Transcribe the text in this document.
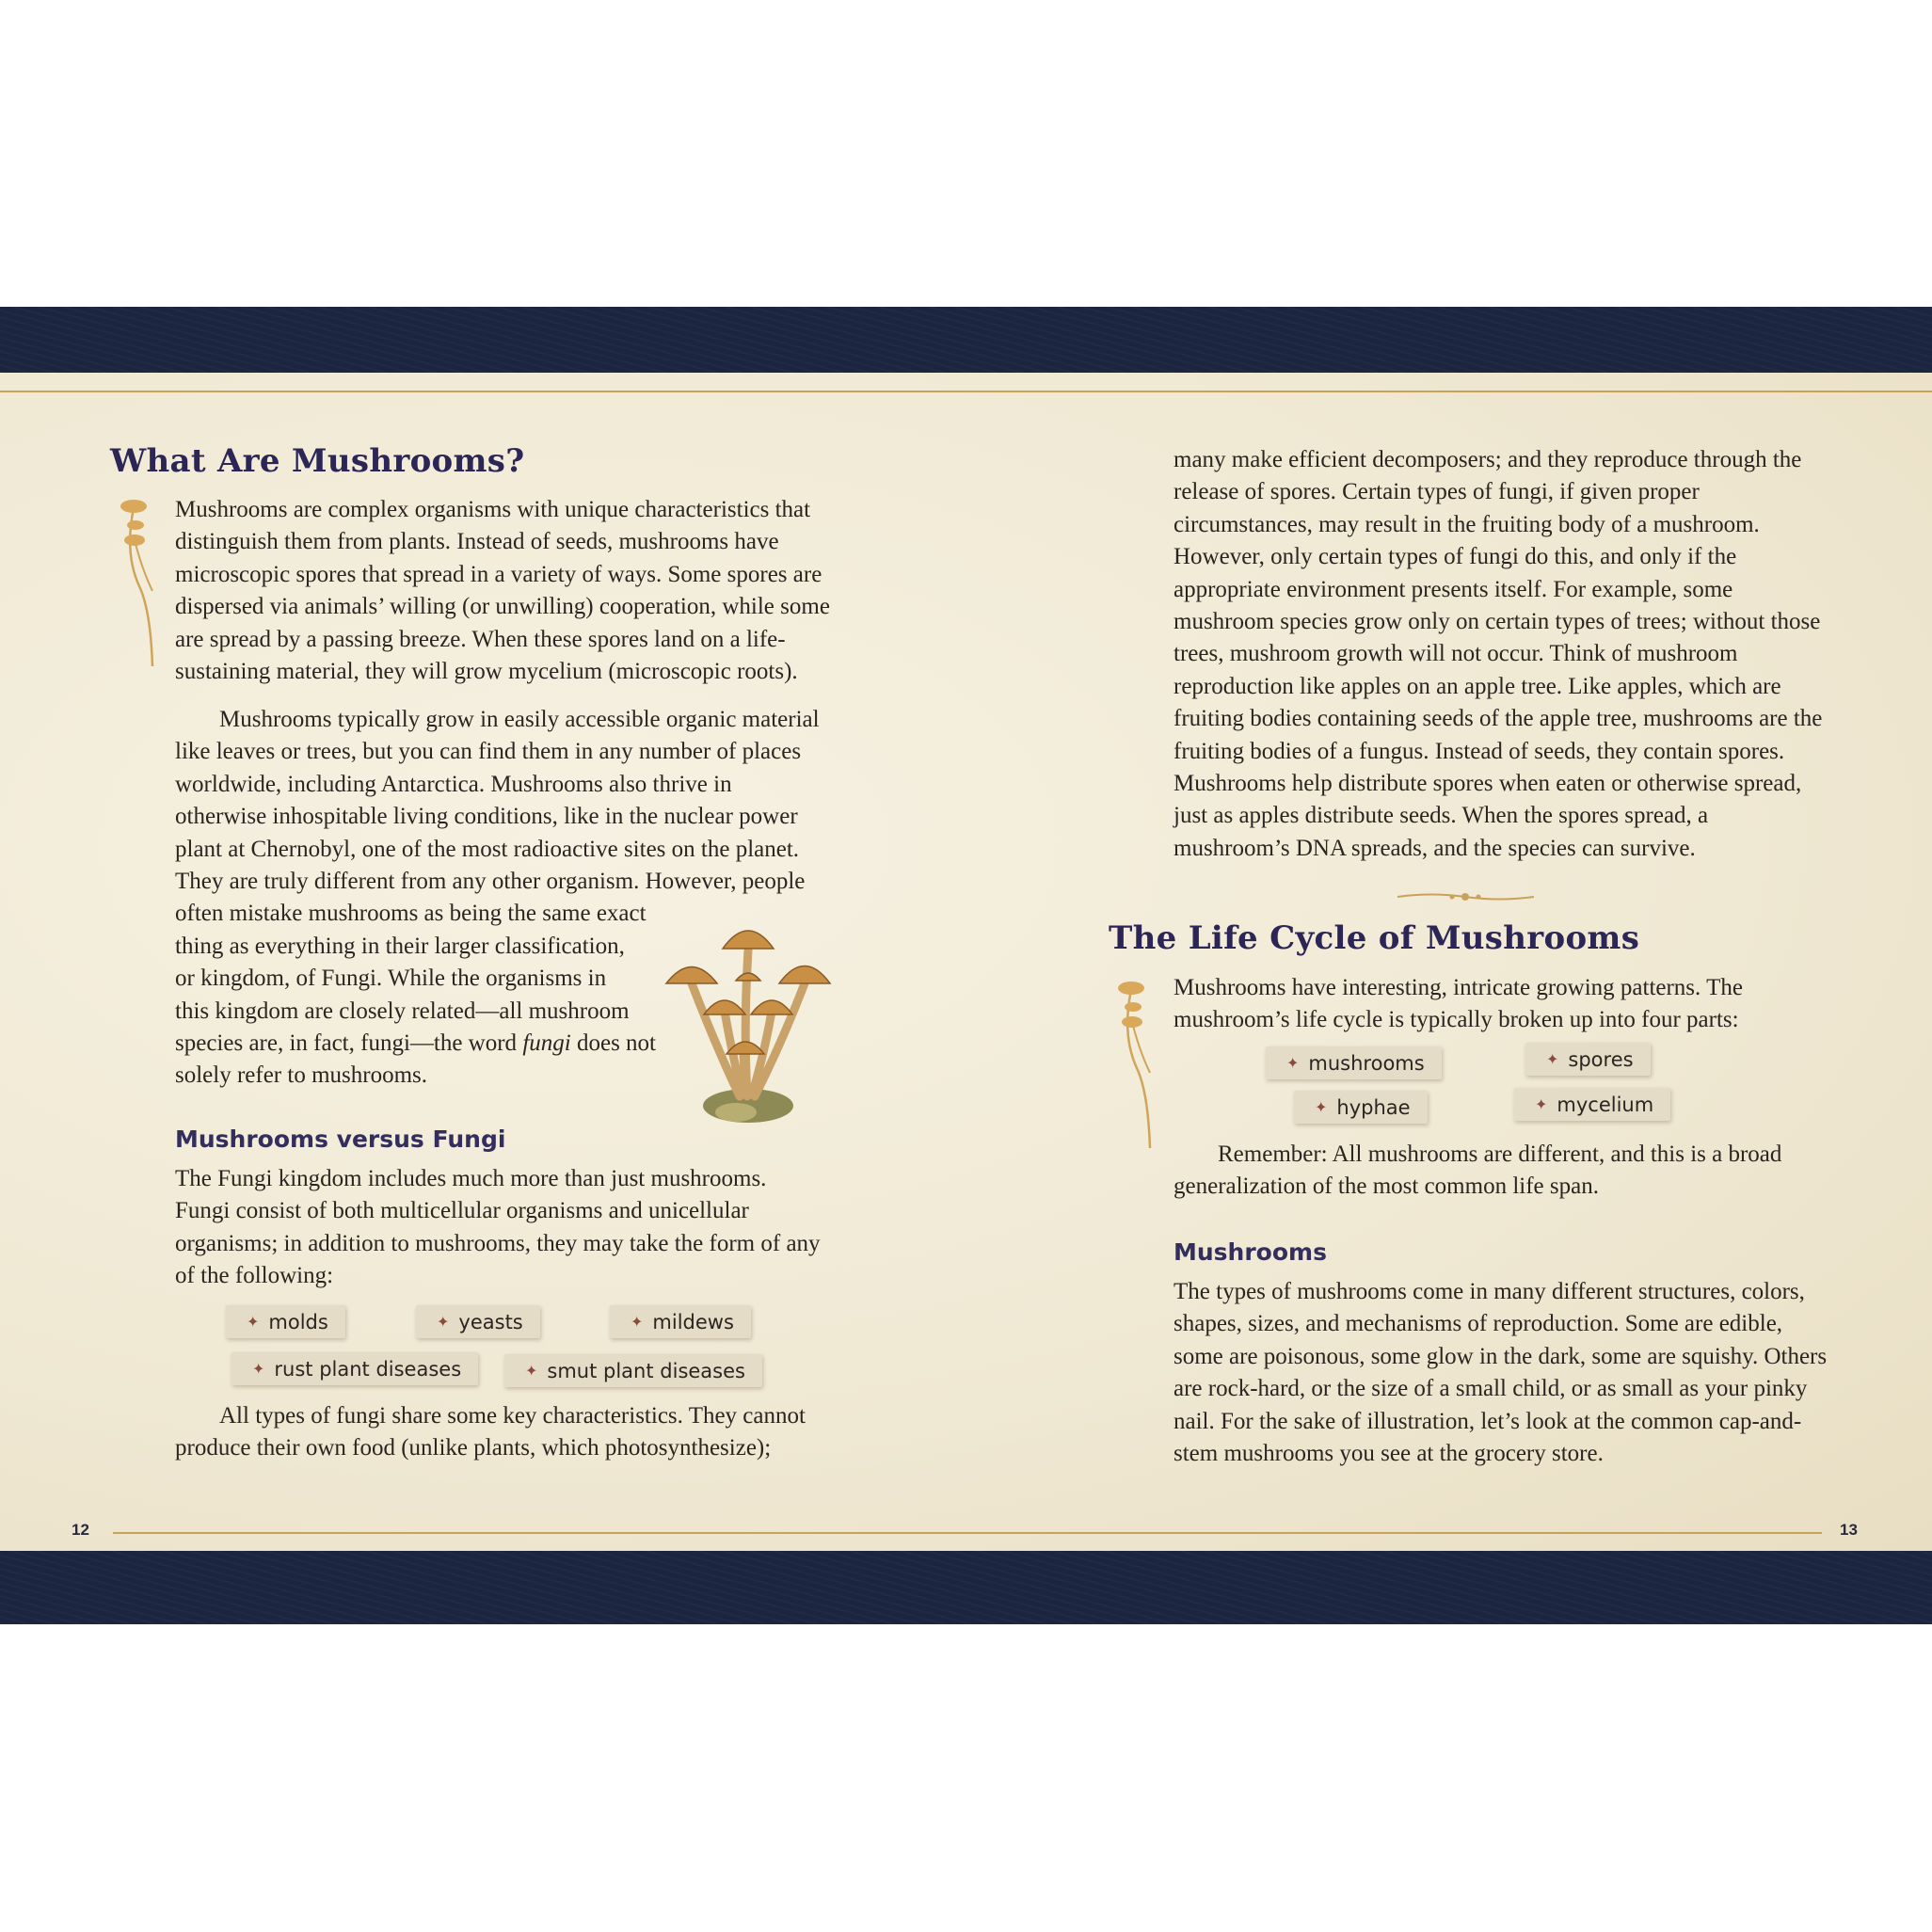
What Are Mushrooms?

Mushrooms are complex organisms with unique characteristics that distinguish them from plants. Instead of seeds, mushrooms have microscopic spores that spread in a variety of ways. Some spores are dispersed via animals’ willing (or unwilling) cooperation, while some are spread by a passing breeze. When these spores land on a life-sustaining material, they will grow mycelium (microscopic roots).

Mushrooms typically grow in easily accessible organic material
like leaves or trees, but you can find them in any number of places
worldwide, including Antarctica. Mushrooms also thrive in
otherwise inhospitable living conditions, like in the nuclear power
plant at Chernobyl, one of the most radioactive sites on the planet.
They are truly different from any other organism. However, people
often mistake mushrooms as being the same exact
thing as everything in their larger classification,
or kingdom, of Fungi. While the organisms in
this kingdom are closely related—all mushroom
species are, in fact, fungi—the word fungi does not
solely refer to mushrooms.
Mushrooms versus Fungi

The Fungi kingdom includes much more than just mushrooms. Fungi consist of both multicellular organisms and unicellular organisms; in addition to mushrooms, they may take the form of any of the following:

✦ molds	✦ yeasts	✦ mildews
✦ rust plant diseases	✦ smut plant diseases

All types of fungi share some key characteristics. They cannot produce their own food (unlike plants, which photosynthesize);

12

many make efficient decomposers; and they reproduce through the release of spores. Certain types of fungi, if given proper circumstances, may result in the fruiting body of a mushroom. However, only certain types of fungi do this, and only if the appropriate environment presents itself. For example, some mushroom species grow only on certain types of trees; without those trees, mushroom growth will not occur. Think of mushroom reproduction like apples on an apple tree. Like apples, which are fruiting bodies containing seeds of the apple tree, mushrooms are the fruiting bodies of a fungus. Instead of seeds, they contain spores. Mushrooms help distribute spores when eaten or otherwise spread, just as apples distribute seeds. When the spores spread, a mushroom’s DNA spreads, and the species can survive.

The Life Cycle of Mushrooms

Mushrooms have interesting, intricate growing patterns. The mushroom’s life cycle is typically broken up into four parts:

✦ mushrooms	✦ spores
✦ hyphae	✦ mycelium

Remember: All mushrooms are different, and this is a broad generalization of the most common life span.

Mushrooms

The types of mushrooms come in many different structures, colors, shapes, sizes, and mechanisms of reproduction. Some are edible, some are poisonous, some glow in the dark, some are squishy. Others are rock-hard, or the size of a small child, or as small as your pinky nail. For the sake of illustration, let’s look at the common cap-and-stem mushrooms you see at the grocery store.

13
